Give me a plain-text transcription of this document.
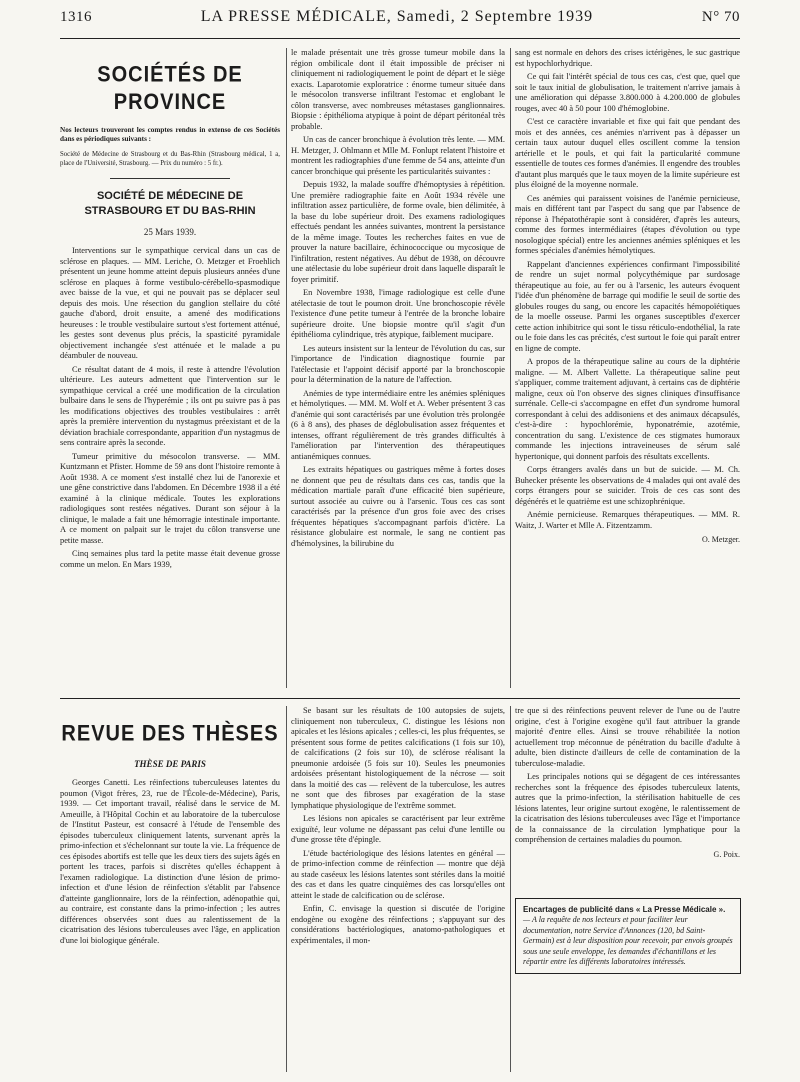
1316	LA PRESSE MÉDICALE, Samedi, 2 Septembre 1939	N° 70
SOCIÉTÉS DE PROVINCE
Nos lecteurs trouveront les comptes rendus in extenso de ces Sociétés dans es périodiques suivants :
Société de Médecine de Strasbourg et du Bas-Rhin (Strasbourg médical, 1 a, place de l'Université, Strasbourg. — Prix du numéro : 5 fr.).
SOCIÉTÉ DE MÉDECINE DE STRASBOURG ET DU BAS-RHIN
25 Mars 1939.

Interventions sur le sympathique cervical dans un cas de sclérose en plaques. — MM. Leriche, O. Metzger et Froehlich présentent un jeune homme atteint depuis plusieurs années d'une sclérose en plaques à forme vestibulo-cérébello-spasmodique avec baisse de la vue, et qui ne pouvait pas se déplacer seul depuis des mois. Une résection du ganglion stellaire du côté gauche d'abord, droit ensuite, a amené des modifications heureuses : le trouble vestibulaire surtout s'est fortement atténué, les gestes sont devenus plus précis, la spasticité pyramidale objectivement inchangée s'est atténuée et le malade a pu déambuler de nouveau.

Ce résultat datant de 4 mois, il reste à attendre l'évolution ultérieure. Les auteurs admettent que l'intervention sur le sympathique cervical a créé une modification de la circulation bulbaire dans le sens de l'hyperémie ; ils ont pu suivre pas à pas les modifications objectives des troubles vestibulaires : arrêt après la première intervention du nystagmus préexistant et de la déviation brachiale correspondante, apparition d'un nystagmus de sens contraire après la seconde.

Tumeur primitive du mésocolon transverse. — MM. Kuntzmann et Pfister. Homme de 59 ans dont l'histoire remonte à Août 1938. A ce moment s'est installé chez lui de l'anorexie et une gêne constrictive dans l'abdomen. En Décembre 1938 il a été examiné à la clinique médicale. Toutes les explorations radiologiques sont restées négatives. Durant son séjour à la clinique, le malade a fait une hémorragie intestinale importante. A ce moment on palpait sur le trajet du côlon transverse une petite masse.

Cinq semaines plus tard la petite masse était devenue grosse comme un melon. En Mars 1939,

le malade présentait une très grosse tumeur mobile dans la région ombilicale dont il était impossible de préciser ni cliniquement ni radiologiquement le point de départ et le siège exacts. Laparotomie exploratrice : énorme tumeur située dans le mésocolon transverse infiltrant l'estomac et englobant le côlon transverse, avec nombreuses métastases ganglionnaires. Biopsie : épithélioma atypique à point de départ péritonéal très probable.

Un cas de cancer bronchique à évolution très lente. — MM. H. Metzger, J. Ohlmann et Mlle M. Fonlupt relatent l'histoire et montrent les radiographies d'une femme de 54 ans, atteinte d'un cancer bronchique qui présente les particularités suivantes :

Depuis 1932, la malade souffre d'hémoptysies à répétition. Une première radiographie faite en Août 1934 révèle une infiltration assez particulière, de forme ovale, bien délimitée, à la base du lobe supérieur droit. Des examens radiologiques effectués pendant les années suivantes, montrent la persistance de la même image. Toutes les recherches faites en vue de prouver la nature bacillaire, échinococcique ou mycosique de l'infiltration, restent négatives. Au début de 1938, on découvre une atélectasie du lobe supérieur droit dans laquelle disparaît le foyer primitif.

En Novembre 1938, l'image radiologique est celle d'une atélectasie de tout le poumon droit. Une bronchoscopie révèle l'existence d'une petite tumeur à l'entrée de la bronche lobaire supérieure droite. Une biopsie montre qu'il s'agit d'un épithélioma cylindrique, très atypique, faiblement mucipare.

Les auteurs insistent sur la lenteur de l'évolution du cas, sur l'importance de l'indication diagnostique fournie par l'atélectasie et l'appoint décisif apporté par la bronchoscopie pour la détermination de la nature de l'affection.

Anémies de type intermédiaire entre les anémies spléniques et hémolytiques. — MM. M. Wolf et A. Weber présentent 3 cas d'anémie qui sont caractérisés par une évolution très prolongée (6 à 8 ans), des phases de déglobulisation assez fréquentes et intenses, offrant régulièrement de très grandes difficultés à l'amélioration par l'intervention des thérapeutiques antianémiques connues.

Les extraits hépatiques ou gastriques même à fortes doses ne donnent que peu de résultats dans ces cas, tandis que la médication martiale paraît d'une efficacité bien supérieure, surtout associée au cuivre ou à l'arsenic. Tous ces cas sont caractérisés par la présence d'un gros foie avec des crises fréquentes hépatiques s'accompagnant parfois d'ictère. La résistance globulaire est normale, le sang ne contient pas d'hémolysines, la bilirubine du

sang est normale en dehors des crises ictérigènes, le suc gastrique est hypochlorhydrique.

Ce qui fait l'intérêt spécial de tous ces cas, c'est que, quel que soit le taux initial de globulisation, le traitement n'arrive jamais à une amélioration qui dépasse 3.800.000 à 4.200.000 de globules rouges, avec 40 à 50 pour 100 d'hémoglobine.

C'est ce caractère invariable et fixe qui fait que pendant des mois et des années, ces anémies n'arrivent pas à dépasser un certain taux autour duquel elles oscillent comme la tension artérielle et le pouls, et qui fait la particularité commune essentielle de toutes ces formes d'anémies. Il engendre des troubles d'autant plus marqués que le taux moyen de la limite supérieure est plus éloigné de la moyenne normale.

Ces anémies qui paraissent voisines de l'anémie pernicieuse, mais en différent tant par l'aspect du sang que par l'absence de réponse à l'hépatothérapie sont à considérer, d'après les auteurs, comme des formes intermédiaires (étapes d'évolution ou type nosologique spécial) entre les anciennes anémies spléniques et les formes spéciales d'anémies hémolytiques.

Rappelant d'anciennes expériences confirmant l'impossibilité de rendre un sujet normal polycythémique par surdosage thérapeutique au foie, au fer ou à l'arsenic, les auteurs évoquent l'idée d'un phénomène de barrage qui modifie le seuil de sortie des globules rouges du sang, ou encore les capacités hémopoïétiques de la moelle osseuse. Parmi les organes susceptibles d'exercer cette action inhibitrice qui sont le tissu réticulo-endothélial, la rate ou le foie dans les cas précités, c'est surtout le foie qui paraît entrer en ligne de compte.

A propos de la thérapeutique saline au cours de la diphtérie maligne. — M. Albert Vallette. La thérapeutique saline peut s'appliquer, comme traitement adjuvant, à certains cas de diphtérie maligne, ceux où l'on observe des signes cliniques d'insuffisance surrénale. Celle-ci s'accompagne en effet d'un syndrome humoral correspondant à celui des addisoniens et des animaux décapsulés, c'est-à-dire : hypochlorémie, hyponatrémie, azotémie, concentration du sang. L'existence de ces stigmates humoraux commande les injections intraveineuses de sérum salé hypertonique, qui donnent parfois des résultats excellents.

Corps étrangers avalés dans un but de suicide. — M. Ch. Buhecker présente les observations de 4 malades qui ont avalé des corps étrangers pour se suicider. Trois de ces cas sont des dégénérés et le quatrième est une schizophrénique.

Anémie pernicieuse. Remarques thérapeutiques. — MM. R. Waitz, J. Warter et Mlle A. Fitzentzamm.

O. Metzger.
REVUE DES THÈSES
THÈSE DE PARIS

Georges Canetti. Les réinfections tuberculeuses latentes du poumon (Vigot frères, 23, rue de l'École-de-Médecine), Paris, 1939. — Cet important travail, réalisé dans le service de M. Ameuille, à l'Hôpital Cochin et au laboratoire de la tuberculose de l'Institut Pasteur, est consacré à l'étude de l'ensemble des épisodes tuberculeux cliniquement latents, survenant après la primo-infection et s'échelonnant sur toute la vie. La fréquence de ces épisodes abortifs est telle que les deux tiers des sujets âgés en portent les traces, parfois si discrètes qu'elles échappent à l'examen radiologique. La distinction d'une lésion de primo-infection et d'une lésion de réinfection s'établit par l'absence d'atteinte ganglionnaire, lors de la réinfection, adénopathie qui, au contraire, est constante dans la primo-infection ; les autres différences observées sont dues au ralentissement de la cicatrisation des lésions tuberculeuses avec l'âge, en application d'une loi biologique générale.

Se basant sur les résultats de 100 autopsies de sujets, cliniquement non tuberculeux, C. distingue les lésions non apicales et les lésions apicales ; celles-ci, les plus fréquentes, se présentent sous forme de petites calcifications (1 fois sur 10), de calcifications (2 fois sur 10), de sclérose réalisant la pneumonie ardoisée (5 fois sur 10). Seules les pneumonies ardoisées présentant histologiquement de la nécrose — soit dans la moitié des cas — relèvent de la tuberculose, les autres ne sont que des fibroses par exagération de la stase lymphatique physiologique de l'extrême sommet.

Les lésions non apicales se caractérisent par leur extrême exiguïté, leur volume ne dépassant pas celui d'une lentille ou d'une grosse tête d'épingle.

L'étude bactériologique des lésions latentes en général — de primo-infection comme de réinfection — montre que déjà au stade caséeux les lésions latentes sont stériles dans la moitié des cas et dans les quatre cinquièmes des cas lorsqu'elles ont atteint le stade de calcification ou de sclérose.

Enfin, C. envisage la question si discutée de l'origine endogène ou exogène des réinfections ; s'appuyant sur des considérations bactériologiques, anatomo-pathologiques et expérimentales, il mon-

tre que si des réinfections peuvent relever de l'une ou de l'autre origine, c'est à l'origine exogène qu'il faut attribuer la grande majorité d'entre elles. Ainsi se trouve réhabilitée la notion actuellement trop méconnue de pénétration du bacille d'adulte à adulte, bien distincte d'ailleurs de celle de contamination de la tuberculose-maladie.

Les principales notions qui se dégagent de ces intéressantes recherches sont la fréquence des épisodes tuberculeux latents, autres que la primo-infection, la stérilisation habituelle de ces lésions latentes, leur origine surtout exogène, le ralentissement de la cicatrisation des lésions tuberculeuses avec l'âge et l'importance de la connaissance de la circulation lymphatique pour la compréhension de certaines maladies du poumon.

G. Poix.
Encartages de publicité dans « La Presse Médicale ». — A la requête de nos lecteurs et pour faciliter leur documentation, notre Service d'Annonces (120, bd Saint-Germain) est à leur disposition pour recevoir, par envois groupés sous une seule enveloppe, les demandes d'échantillons et les répartir entre les différents laboratoires intéressés.
